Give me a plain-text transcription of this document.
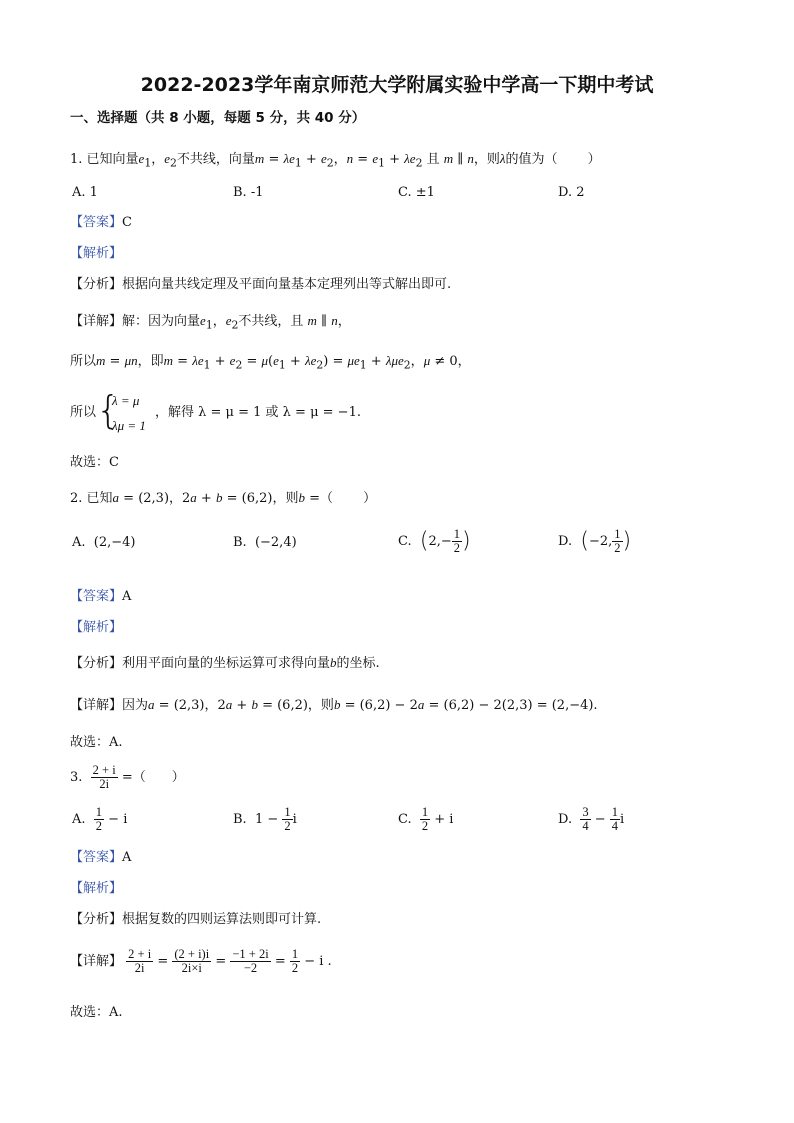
2022-2023学年南京师范大学附属实验中学高一下期中考试
一、选择题（共 8 小题，每题 5 分，共 40 分）
1. 已知向量$e_1$，$e_2$不共线，向量$m = \lambda e_1 + e_2$，$n = e_1 + \lambda e_2$ 且 m ∥ n，则λ的值为（　　 ）
A. 1	B. -1	C. ±1	D. 2
【答案】C
【解析】
【分析】根据向量共线定理及平面向量基本定理列出等式解出即可.
【详解】解：因为向量$e_1$，$e_2$不共线，且 m ∥ n，
所以m = μn，即$m = \lambda e_1 + e_2 = \mu(e_1 + \lambda e_2) = \mu e_1 + \lambda\mu e_2$，μ ≠ 0，
所以 {
λ = μ
λμ = 1
，解得 λ = μ = 1 或 λ = μ = −1.
故选：C
2. 已知a = (2,3)，2a + b = (6,2)，则b =（　　 ）
A.  (2,−4)	B.  (−2,4)	C.  ($2,- \frac{1}{2}$ )	D.  (−2, $\frac{1}{2}$ )
【答案】A
【解析】
【分析】利用平面向量的坐标运算可求得向量b的坐标.
【详解】因为a = (2,3)，2a + b = (6,2)，则b = (6,2) − 2a = (6,2) − 2(2,3) = (2,−4).
故选：A.
3. $\frac{2 + i}{2i}$ =（　　）
A. $\frac{1}{2} - i$	B.  $1 - \frac{1}{2}$ i	C. $\frac{1}{2} + i$	D. $\frac{3}{4} - \frac{1}{4}$ i
【答案】A
【解析】
【分析】根据复数的四则运算法则即可计算.
【详解】 $\frac{2 + i}{2i} = \frac{(2 + i)i}{2i\times i} = \frac{-1 + 2i}{-2} = \frac{1}{2} - i$ .
故选：A.
